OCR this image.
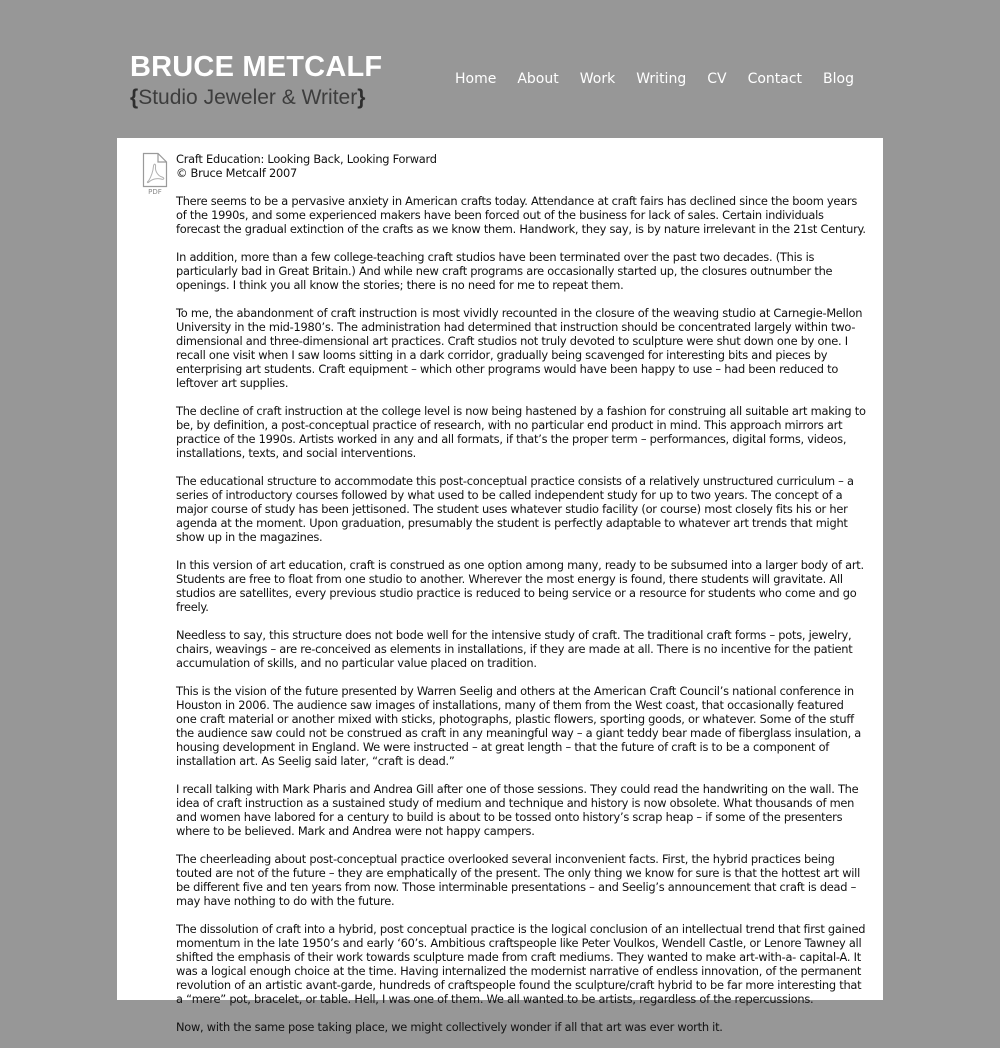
BRUCE METCALF
{Studio Jeweler & Writer}
Home About Work Writing CV Contact Blog
PDF

Craft Education: Looking Back, Looking Forward

© Bruce Metcalf 2007

There seems to be a pervasive anxiety in American crafts today. Attendance at craft fairs has declined since the boom years of the 1990s, and some experienced makers have been forced out of the business for lack of sales. Certain individuals forecast the gradual extinction of the crafts as we know them. Handwork, they say, is by nature irrelevant in the 21st Century.

In addition, more than a few college-teaching craft studios have been terminated over the past two decades. (This is particularly bad in Great Britain.) And while new craft programs are occasionally started up, the closures outnumber the openings. I think you all know the stories; there is no need for me to repeat them.

To me, the abandonment of craft instruction is most vividly recounted in the closure of the weaving studio at Carnegie-Mellon University in the mid-1980’s. The administration had determined that instruction should be concentrated largely within two-dimensional and three-dimensional art practices. Craft studios not truly devoted to sculpture were shut down one by one. I recall one visit when I saw looms sitting in a dark corridor, gradually being scavenged for interesting bits and pieces by enterprising art students. Craft equipment – which other programs would have been happy to use – had been reduced to leftover art supplies.

The decline of craft instruction at the college level is now being hastened by a fashion for construing all suitable art making to be, by definition, a post-conceptual practice of research, with no particular end product in mind. This approach mirrors art practice of the 1990s. Artists worked in any and all formats, if that’s the proper term – performances, digital forms, videos, installations, texts, and social interventions.

The educational structure to accommodate this post-conceptual practice consists of a relatively unstructured curriculum – a series of introductory courses followed by what used to be called independent study for up to two years. The concept of a major course of study has been jettisoned. The student uses whatever studio facility (or course) most closely fits his or her agenda at the moment. Upon graduation, presumably the student is perfectly adaptable to whatever art trends that might show up in the magazines.

In this version of art education, craft is construed as one option among many, ready to be subsumed into a larger body of art. Students are free to float from one studio to another. Wherever the most energy is found, there students will gravitate. All studios are satellites, every previous studio practice is reduced to being service or a resource for students who come and go freely.

Needless to say, this structure does not bode well for the intensive study of craft. The traditional craft forms – pots, jewelry, chairs, weavings – are re-conceived as elements in installations, if they are made at all. There is no incentive for the patient accumulation of skills, and no particular value placed on tradition.

This is the vision of the future presented by Warren Seelig and others at the American Craft Council’s national conference in Houston in 2006. The audience saw images of installations, many of them from the West coast, that occasionally featured one craft material or another mixed with sticks, photographs, plastic flowers, sporting goods, or whatever. Some of the stuff the audience saw could not be construed as craft in any meaningful way – a giant teddy bear made of fiberglass insulation, a housing development in England. We were instructed – at great length – that the future of craft is to be a component of installation art. As Seelig said later, “craft is dead.”

I recall talking with Mark Pharis and Andrea Gill after one of those sessions. They could read the handwriting on the wall. The idea of craft instruction as a sustained study of medium and technique and history is now obsolete. What thousands of men and women have labored for a century to build is about to be tossed onto history’s scrap heap – if some of the presenters where to be believed. Mark and Andrea were not happy campers.

The cheerleading about post-conceptual practice overlooked several inconvenient facts. First, the hybrid practices being touted are not of the future – they are emphatically of the present. The only thing we know for sure is that the hottest art will be different five and ten years from now. Those interminable presentations – and Seelig’s announcement that craft is dead – may have nothing to do with the future.

The dissolution of craft into a hybrid, post conceptual practice is the logical conclusion of an intellectual trend that first gained momentum in the late 1950’s and early ‘60’s. Ambitious craftspeople like Peter Voulkos, Wendell Castle, or Lenore Tawney all shifted the emphasis of their work towards sculpture made from craft mediums. They wanted to make art-with-a- capital-A. It was a logical enough choice at the time. Having internalized the modernist narrative of endless innovation, of the permanent revolution of an artistic avant-garde, hundreds of craftspeople found the sculpture/craft hybrid to be far more interesting that a “mere” pot, bracelet, or table. Hell, I was one of them. We all wanted to be artists, regardless of the repercussions.

Now, with the same pose taking place, we might collectively wonder if all that art was ever worth it.
